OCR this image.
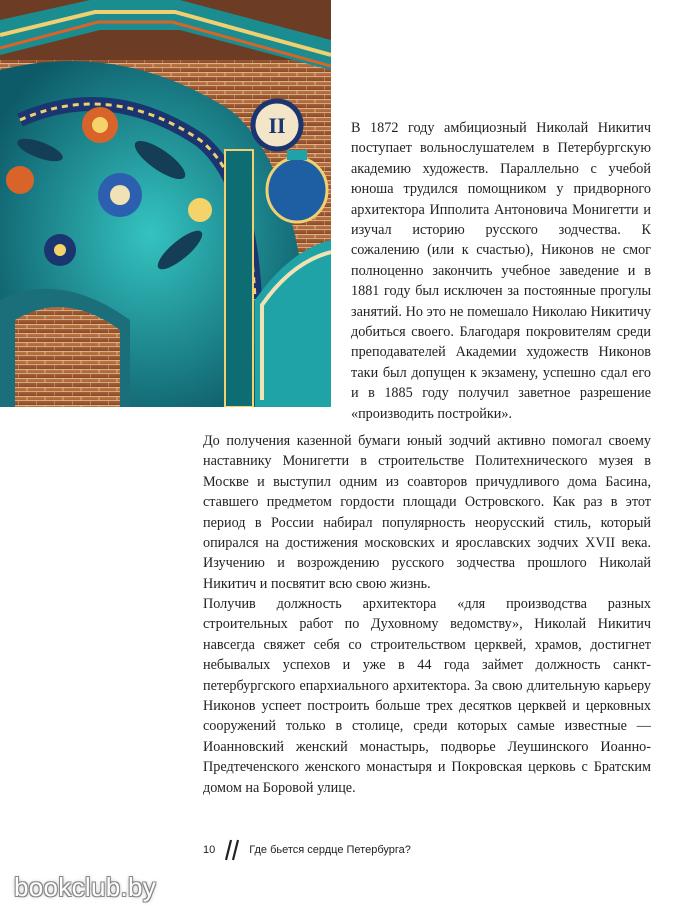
II	В 1872 году амбициозный Николай Никитич поступает вольнослушателем в Петербургскую академию художеств. Параллельно с учебой юноша трудился помощником у придворного архитектора Ипполита Антоновича Монигетти и изучал историю русского зодчества. К сожалению (или к счастью), Никонов не смог полноценно закончить учебное заведение и в 1881 году был исключен за постоянные прогулы занятий. Но это не помешало Николаю Никитичу добиться своего. Благодаря покровителям среди преподавателей Академии художеств Никонов таки был допущен к экзамену, успешно сдал его и в 1885 году получил заветное разрешение «производить постройки».

До получения казенной бумаги юный зодчий активно помогал своему наставнику Монигетти в строительстве Политехнического музея в Москве и выступил одним из соавторов причудливого дома Басина, ставшего предметом гордости площади Островского. Как раз в этот период в России набирал популярность неорусский стиль, который опирался на достижения московских и ярославских зодчих XVII века. Изучению и возрождению русского зодчества прошлого Николай Никитич и посвятит всю свою жизнь.

Получив должность архитектора «для производства разных строительных работ по Духовному ведомству», Николай Никитич навсегда свяжет себя со строительством церквей, храмов, достигнет небывалых успехов и уже в 44 года займет должность санкт-петербургского епархиального архитектора. За свою длительную карьеру Никонов успеет построить больше трех десятков церквей и церковных сооружений только в столице, среди которых самые известные — Иоанновский женский монастырь, подворье Леушинского Иоанно-Предтеченского женского монастыря и Покровская церковь с Братским домом на Боровой улице.

10	Где бьется сердце Петербурга?
bookclub.by
